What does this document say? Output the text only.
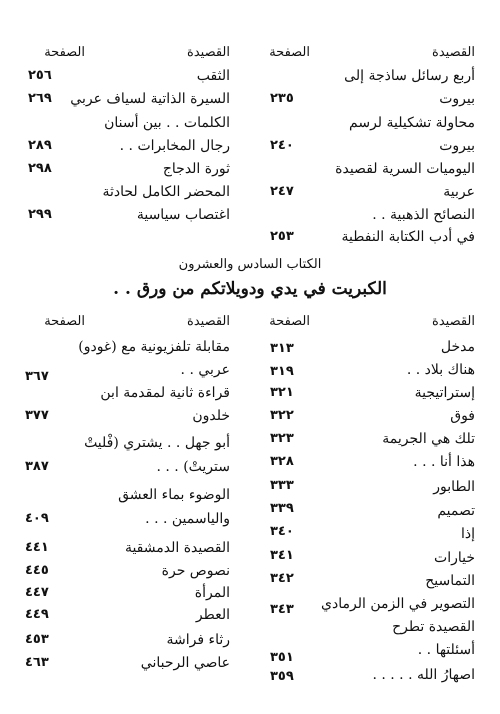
القصيدة
الصفحة
القصيدة
الصفحة
أربع رسائل ساذجة إلى
بيروت
٢٣٥
محاولة تشكيلية لرسم
بيروت
٢٤٠
اليوميات السرية لقصيدة
عربية
٢٤٧
النصائح الذهبية . .
في أدب الكتابة النفطية
٢٥٣
الثقب
٢٥٦
السيرة الذاتية لسياف عربي
٢٦٩
الكلمات . . بين أسنان
رجال المخابرات . .
٢٨٩
ثورة الدجاج
٢٩٨
المحضر الكامل لحادثة
اغتصاب سياسية
٢٩٩
الكتاب السادس والعشرون
الكبريت في يدي ودويلاتكم من ورق . .
القصيدة
الصفحة
القصيدة
الصفحة
مدخل
٣١٣
هناك بلاد . .
٣١٩
إستراتيجية
٣٢١
فوق
٣٢٢
تلك هي الجريمة
٣٢٣
هذا أنا . . .
٣٢٨
الطابور
٣٣٣
تصميم
٣٣٩
إذا
٣٤٠
خيارات
٣٤١
التماسيح
٣٤٢
التصوير في الزمن الرمادي
٣٤٣
القصيدة تطرح
أسئلتها . .
٣٥١
اصهارُ الله . . . . .
٣٥٩
مقابلة تلفزيونية مع (غودو)
عربي . .
٣٦٧
قراءة ثانية لمقدمة ابن
خلدون
٣٧٧
أبو جهل . . يشتري (فْليتْ
ستريتْ) . . .
٣٨٧
الوضوء بماء العشق
والياسمين . . .
٤٠٩
القصيدة الدمشقية
٤٤١
نصوص حرة
٤٤٥
المرأة
٤٤٧
العطر
٤٤٩
رثاء فراشة
٤٥٣
عاصي الرحباني
٤٦٣
